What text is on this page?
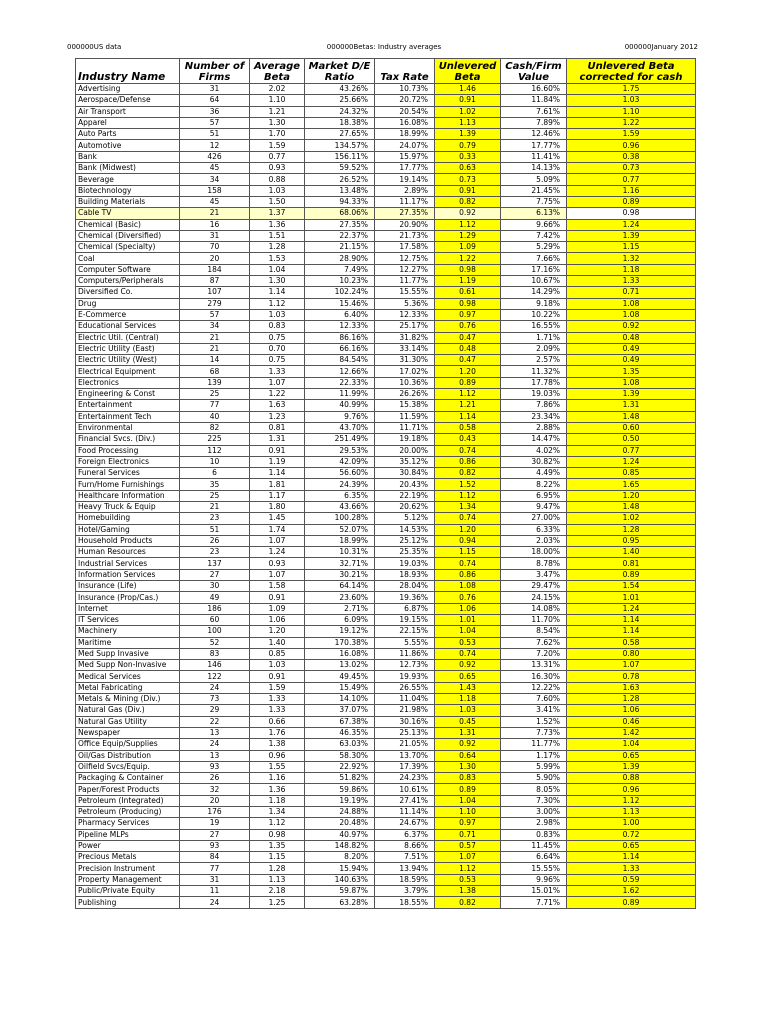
000000US data	000000Betas: Industry averages	000000January 2012
Industry Name	Number of Firms	Average Beta	Market D/E Ratio	Tax Rate	Unlevered Beta	Cash/Firm Value	Unlevered Beta corrected for cash
Advertising	31	2.02	43.26%	10.73%	1.46	16.60%	1.75
Aerospace/Defense	64	1.10	25.66%	20.72%	0.91	11.84%	1.03
Air Transport	36	1.21	24.32%	20.54%	1.02	7.61%	1.10
Apparel	57	1.30	18.38%	16.08%	1.13	7.89%	1.22
Auto Parts	51	1.70	27.65%	18.99%	1.39	12.46%	1.59
Automotive	12	1.59	134.57%	24.07%	0.79	17.77%	0.96
Bank	426	0.77	156.11%	15.97%	0.33	11.41%	0.38
Bank (Midwest)	45	0.93	59.52%	17.77%	0.63	14.13%	0.73
Beverage	34	0.88	26.52%	19.14%	0.73	5.09%	0.77
Biotechnology	158	1.03	13.48%	2.89%	0.91	21.45%	1.16
Building Materials	45	1.50	94.33%	11.17%	0.82	7.75%	0.89
Cable TV	21	1.37	68.06%	27.35%	0.92	6.13%	0.98
Chemical (Basic)	16	1.36	27.35%	20.90%	1.12	9.66%	1.24
Chemical (Diversified)	31	1.51	22.37%	21.73%	1.29	7.42%	1.39
Chemical (Specialty)	70	1.28	21.15%	17.58%	1.09	5.29%	1.15
Coal	20	1.53	28.90%	12.75%	1.22	7.66%	1.32
Computer Software	184	1.04	7.49%	12.27%	0.98	17.16%	1.18
Computers/Peripherals	87	1.30	10.23%	11.77%	1.19	10.67%	1.33
Diversified Co.	107	1.14	102.24%	15.55%	0.61	14.29%	0.71
Drug	279	1.12	15.46%	5.36%	0.98	9.18%	1.08
E-Commerce	57	1.03	6.40%	12.33%	0.97	10.22%	1.08
Educational Services	34	0.83	12.33%	25.17%	0.76	16.55%	0.92
Electric Util. (Central)	21	0.75	86.16%	31.82%	0.47	1.71%	0.48
Electric Utility (East)	21	0.70	66.16%	33.14%	0.48	2.09%	0.49
Electric Utility (West)	14	0.75	84.54%	31.30%	0.47	2.57%	0.49
Electrical Equipment	68	1.33	12.66%	17.02%	1.20	11.32%	1.35
Electronics	139	1.07	22.33%	10.36%	0.89	17.78%	1.08
Engineering & Const	25	1.22	11.99%	26.26%	1.12	19.03%	1.39
Entertainment	77	1.63	40.99%	15.38%	1.21	7.86%	1.31
Entertainment Tech	40	1.23	9.76%	11.59%	1.14	23.34%	1.48
Environmental	82	0.81	43.70%	11.71%	0.58	2.88%	0.60
Financial Svcs. (Div.)	225	1.31	251.49%	19.18%	0.43	14.47%	0.50
Food Processing	112	0.91	29.53%	20.00%	0.74	4.02%	0.77
Foreign Electronics	10	1.19	42.09%	35.12%	0.86	30.82%	1.24
Funeral Services	6	1.14	56.60%	30.84%	0.82	4.49%	0.85
Furn/Home Furnishings	35	1.81	24.39%	20.43%	1.52	8.22%	1.65
Healthcare Information	25	1.17	6.35%	22.19%	1.12	6.95%	1.20
Heavy Truck & Equip	21	1.80	43.66%	20.62%	1.34	9.47%	1.48
Homebuilding	23	1.45	100.28%	5.12%	0.74	27.00%	1.02
Hotel/Gaming	51	1.74	52.07%	14.53%	1.20	6.33%	1.28
Household Products	26	1.07	18.99%	25.12%	0.94	2.03%	0.95
Human Resources	23	1.24	10.31%	25.35%	1.15	18.00%	1.40
Industrial Services	137	0.93	32.71%	19.03%	0.74	8.78%	0.81
Information Services	27	1.07	30.21%	18.93%	0.86	3.47%	0.89
Insurance (Life)	30	1.58	64.14%	28.04%	1.08	29.47%	1.54
Insurance (Prop/Cas.)	49	0.91	23.60%	19.36%	0.76	24.15%	1.01
Internet	186	1.09	2.71%	6.87%	1.06	14.08%	1.24
IT Services	60	1.06	6.09%	19.15%	1.01	11.70%	1.14
Machinery	100	1.20	19.12%	22.15%	1.04	8.54%	1.14
Maritime	52	1.40	170.38%	5.55%	0.53	7.62%	0.58
Med Supp Invasive	83	0.85	16.08%	11.86%	0.74	7.20%	0.80
Med Supp Non-Invasive	146	1.03	13.02%	12.73%	0.92	13.31%	1.07
Medical Services	122	0.91	49.45%	19.93%	0.65	16.30%	0.78
Metal Fabricating	24	1.59	15.49%	26.55%	1.43	12.22%	1.63
Metals & Mining (Div.)	73	1.33	14.10%	11.04%	1.18	7.60%	1.28
Natural Gas (Div.)	29	1.33	37.07%	21.98%	1.03	3.41%	1.06
Natural Gas Utility	22	0.66	67.38%	30.16%	0.45	1.52%	0.46
Newspaper	13	1.76	46.35%	25.13%	1.31	7.73%	1.42
Office Equip/Supplies	24	1.38	63.03%	21.05%	0.92	11.77%	1.04
Oil/Gas Distribution	13	0.96	58.30%	13.70%	0.64	1.17%	0.65
Oilfield Svcs/Equip.	93	1.55	22.92%	17.39%	1.30	5.99%	1.39
Packaging & Container	26	1.16	51.82%	24.23%	0.83	5.90%	0.88
Paper/Forest Products	32	1.36	59.86%	10.61%	0.89	8.05%	0.96
Petroleum (Integrated)	20	1.18	19.19%	27.41%	1.04	7.30%	1.12
Petroleum (Producing)	176	1.34	24.88%	11.14%	1.10	3.00%	1.13
Pharmacy Services	19	1.12	20.48%	24.67%	0.97	2.98%	1.00
Pipeline MLPs	27	0.98	40.97%	6.37%	0.71	0.83%	0.72
Power	93	1.35	148.82%	8.66%	0.57	11.45%	0.65
Precious Metals	84	1.15	8.20%	7.51%	1.07	6.64%	1.14
Precision Instrument	77	1.28	15.94%	13.94%	1.12	15.55%	1.33
Property Management	31	1.13	140.63%	18.59%	0.53	9.96%	0.59
Public/Private Equity	11	2.18	59.87%	3.79%	1.38	15.01%	1.62
Publishing	24	1.25	63.28%	18.55%	0.82	7.71%	0.89
